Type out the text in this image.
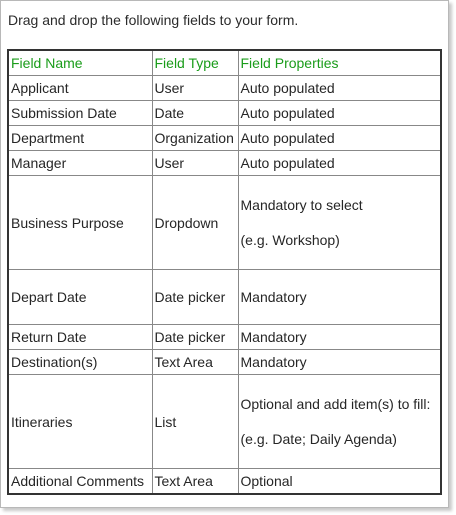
Drag and drop the following fields to your form.
Field Name	Field Type	Field Properties
Applicant	User	Auto populated
Submission Date	Date	Auto populated
Department	Organization	Auto populated
Manager	User	Auto populated
Business Purpose	Dropdown	Mandatory to select
(e.g. Workshop)

Depart Date	Date picker	Mandatory
Return Date	Date picker	Mandatory
Destination(s)	Text Area	Mandatory
Itineraries	List	Optional and add item(s) to fill:
(e.g. Date; Daily Agenda)

Additional Comments	Text Area	Optional
